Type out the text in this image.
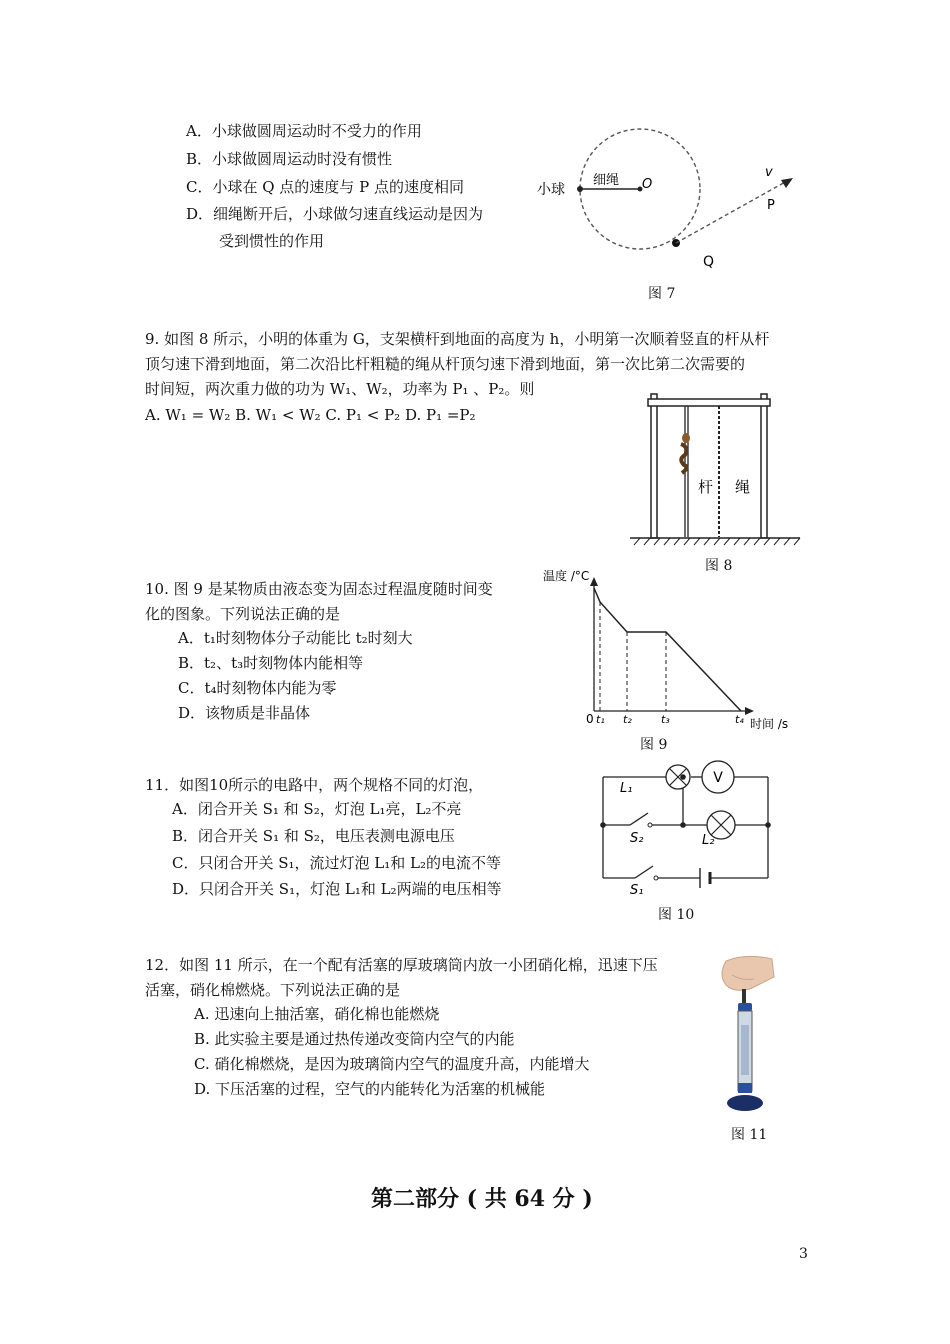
A．小球做圆周运动时不受力的作用
B．小球做圆周运动时没有惯性
C．小球在 Q 点的速度与 P 点的速度相同
D．细绳断开后，小球做匀速直线运动是因为
受到惯性的作用
小球
细绳 O
v
P
Q
图 7
9. 如图 8 所示，小明的体重为 G，支架横杆到地面的高度为 h，小明第一次顺着竖直的杆从杆
顶匀速下滑到地面，第二次沿比杆粗糙的绳从杆顶匀速下滑到地面，第一次比第二次需要的
时间短，两次重力做的功为 W₁、W₂，功率为 P₁ 、P₂。则
A. W₁ = W₂ B. W₁ < W₂ C. P₁ < P₂ D. P₁ =P₂
杆 绳
图 8
10. 图 9 是某物质由液态变为固态过程温度随时间变
化的图象。下列说法正确的是
A．t₁时刻物体分子动能比 t₂时刻大
B．t₂、t₃时刻物体内能相等
C．t₄时刻物体内能为零
D．该物质是非晶体
温度 /°C
0 t₁ t₂	t₃	t₄ 时间 /s
图 9
11．如图10所示的电路中，两个规格不同的灯泡，
A．闭合开关 S₁ 和 S₂，灯泡 L₁亮，L₂不亮
B．闭合开关 S₁ 和 S₂，电压表测电源电压
C．只闭合开关 S₁，流过灯泡 L₁和 L₂的电流不等
D．只闭合开关 S₁，灯泡 L₁和 L₂两端的电压相等
V
L₁
L₂
S₂
S₁
图 10
12．如图 11 所示，在一个配有活塞的厚玻璃筒内放一小团硝化棉，迅速下压
活塞，硝化棉燃烧。下列说法正确的是
A. 迅速向上抽活塞，硝化棉也能燃烧
B. 此实验主要是通过热传递改变筒内空气的内能
C. 硝化棉燃烧，是因为玻璃筒内空气的温度升高，内能增大
D. 下压活塞的过程，空气的内能转化为活塞的机械能
图 11
第二部分 ( 共 64 分 )
3
